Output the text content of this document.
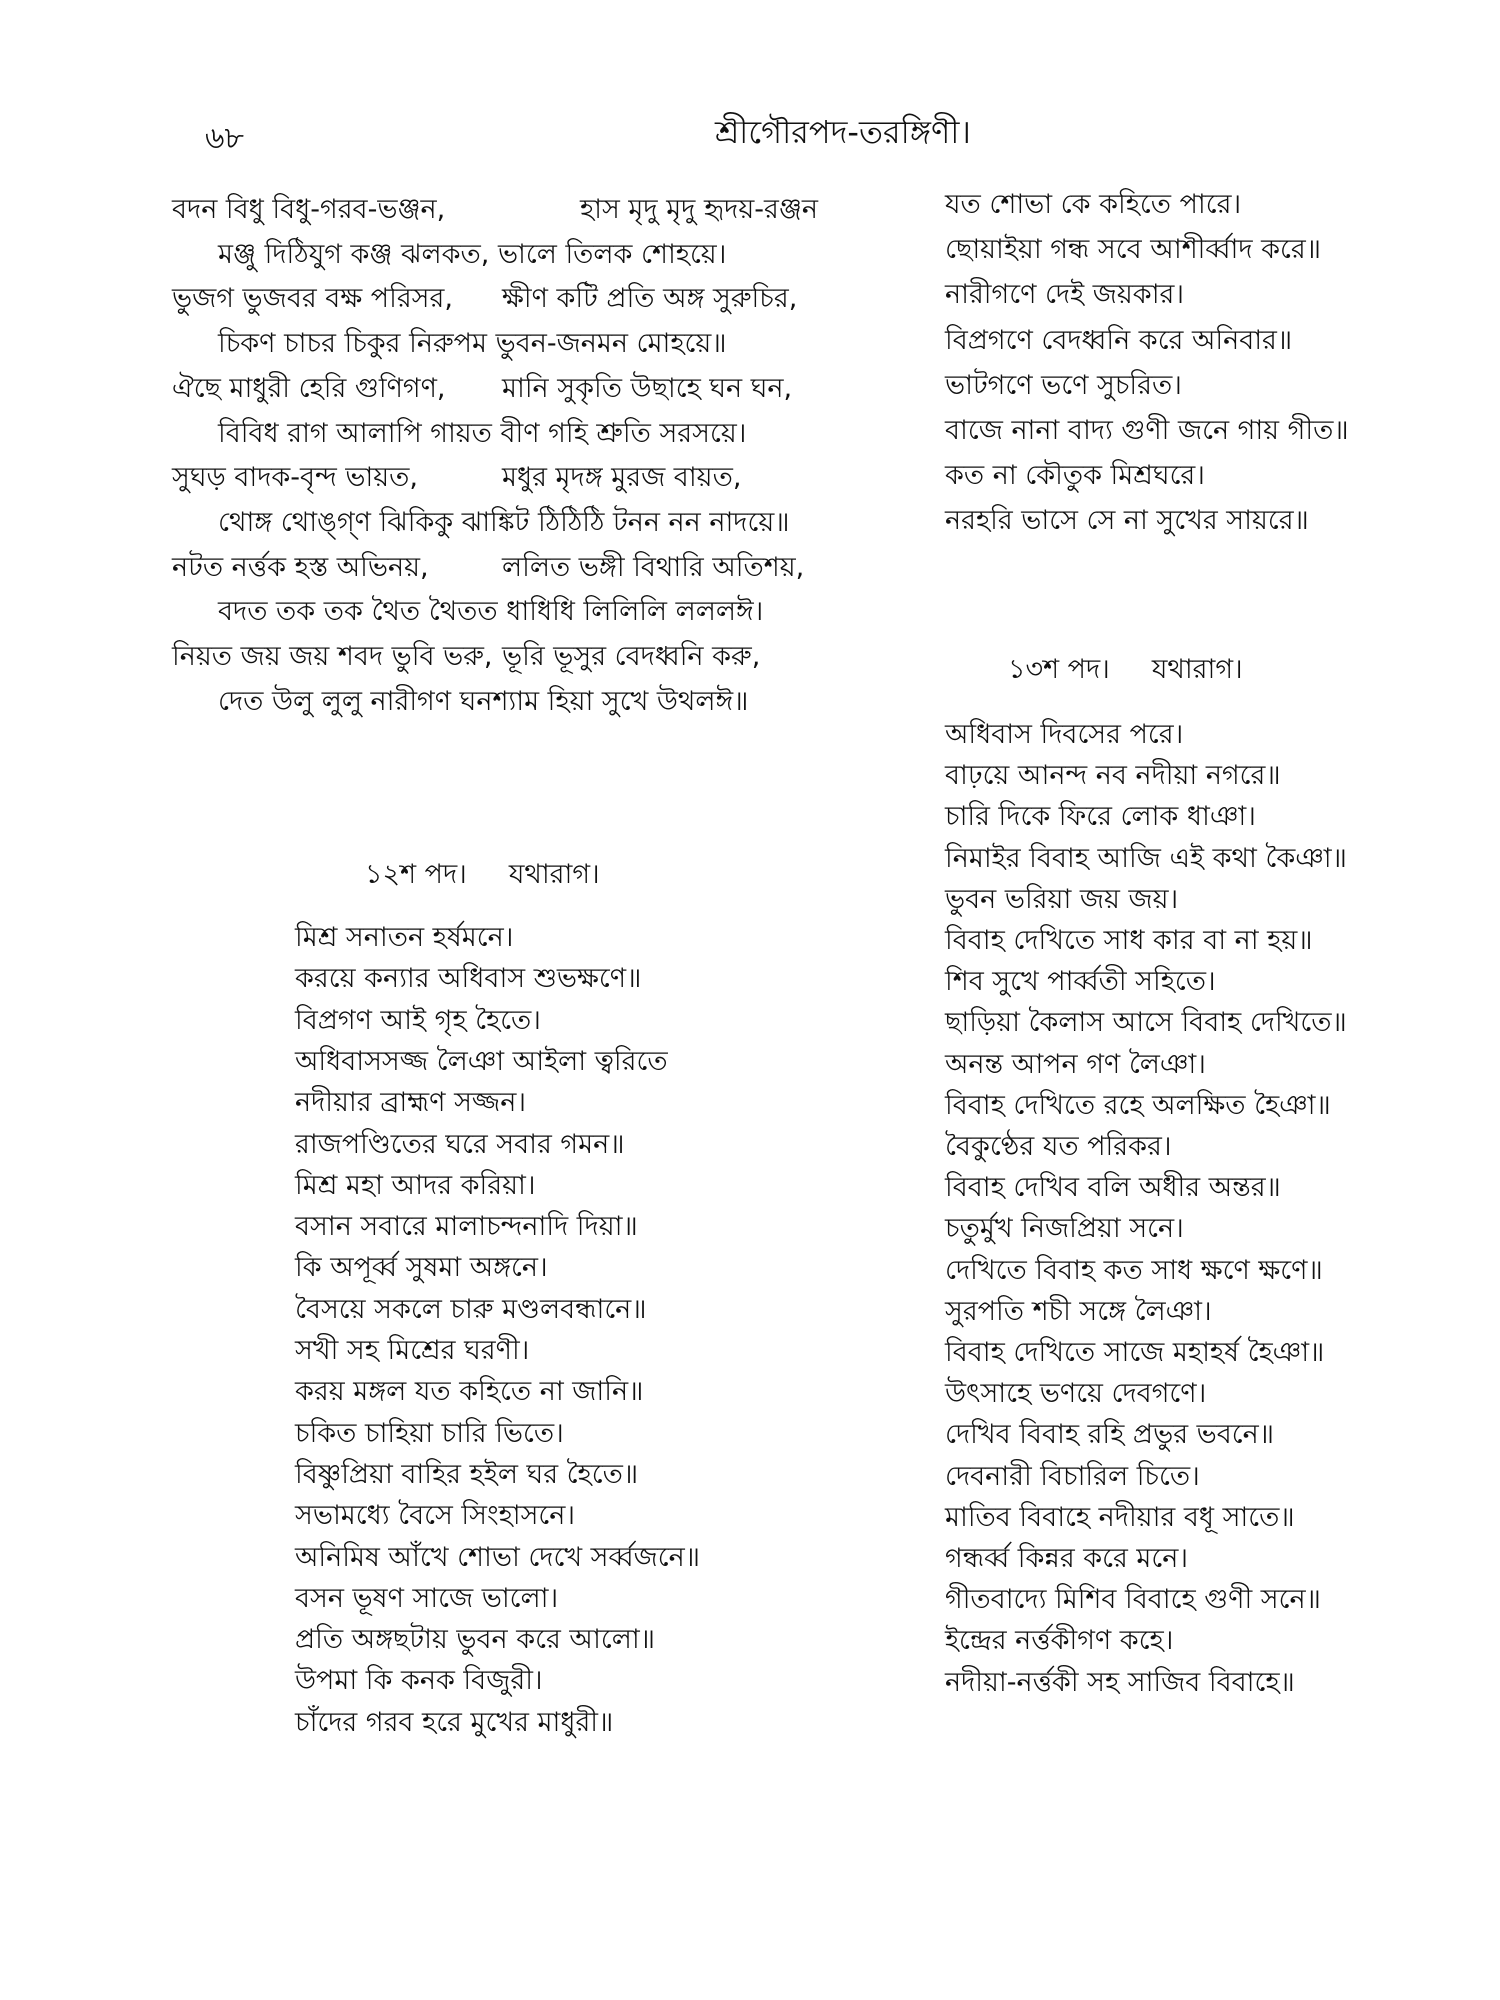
৬৮	শ্রীগৌরপদ-তরঙ্গিণী।
বদন বিধু বিধু-গরব-ভঞ্জন,	হাস মৃদু মৃদু হৃদয়-রঞ্জন
মঞ্জু দিঠিযুগ কঞ্জ ঝলকত, ভালে তিলক শোহয়ে।
ভুজগ ভুজবর বক্ষ পরিসর, ক্ষীণ কটি প্রতি অঙ্গ সুরুচির,
চিকণ চাচর চিকুর নিরুপম ভুবন-জনমন মোহয়ে॥
ঐছে মাধুরী হেরি গুণিগণ, মানি সুকৃতি উছাহে ঘন ঘন,
বিবিধ রাগ আলাপি গায়ত বীণ গহি শ্রুতি সরসয়ে।
সুঘড় বাদক-বৃন্দ ভায়ত,	মধুর মৃদঙ্গ মুরজ বায়ত,
থোঙ্গ থোঙ্গ্ণ ঝিকিকু ঝাঙ্কিট ঠিঠিঠি টনন নন নাদয়ে॥
নটত নর্ত্তক হস্ত অভিনয়,	ললিত ভঙ্গী বিথারি অতিশয়,
বদত তক তক থৈত থৈতত ধাধিধি লিলিলি লললঈ।
নিয়ত জয় জয় শবদ ভুবি ভরু, ভূরি ভূসুর বেদধ্বনি করু,
দেত উলু লুলু নারীগণ ঘনশ্যাম হিয়া সুখে উথলঈ॥
১২শ পদ। যথারাগ।
মিশ্র সনাতন হর্ষমনে।
করয়ে কন্যার অধিবাস শুভক্ষণে॥
বিপ্রগণ আই গৃহ হৈতে।
অধিবাসসজ্জ লৈঞা আইলা ত্বরিতে
নদীয়ার ব্রাহ্মণ সজ্জন।
রাজপণ্ডিতের ঘরে সবার গমন॥
মিশ্র মহা আদর করিয়া।
বসান সবারে মালাচন্দনাদি দিয়া॥
কি অপূর্ব্ব সুষমা অঙ্গনে।
বৈসয়ে সকলে চারু মণ্ডলবন্ধানে॥
সখী সহ মিশ্রের ঘরণী।
করয় মঙ্গল যত কহিতে না জানি॥
চকিত চাহিয়া চারি ভিতে।
বিষ্ণুপ্রিয়া বাহির হইল ঘর হৈতে॥
সভামধ্যে বৈসে সিংহাসনে।
অনিমিষ আঁখে শোভা দেখে সর্ব্বজনে॥
বসন ভূষণ সাজে ভালো।
প্রতি অঙ্গছটায় ভুবন করে আলো॥
উপমা কি কনক বিজুরী।
চাঁদের গরব হরে মুখের মাধুরী॥
যত শোভা কে কহিতে পারে।
ছোয়াইয়া গন্ধ সবে আশীর্ব্বাদ করে॥
নারীগণে দেই জয়কার।
বিপ্রগণে বেদধ্বনি করে অনিবার॥
ভাটগণে ভণে সুচরিত।
বাজে নানা বাদ্য গুণী জনে গায় গীত॥
কত না কৌতুক মিশ্রঘরে।
নরহরি ভাসে সে না সুখের সায়রে॥
১৩শ পদ। যথারাগ।
অধিবাস দিবসের পরে।
বাঢ়য়ে আনন্দ নব নদীয়া নগরে॥
চারি দিকে ফিরে লোক ধাঞা।
নিমাইর বিবাহ আজি এই কথা কৈঞা॥
ভুবন ভরিয়া জয় জয়।
বিবাহ দেখিতে সাধ কার বা না হয়॥
শিব সুখে পার্ব্বতী সহিতে।
ছাড়িয়া কৈলাস আসে বিবাহ দেখিতে॥
অনন্ত আপন গণ লৈঞা।
বিবাহ দেখিতে রহে অলক্ষিত হৈঞা॥
বৈকুণ্ঠের যত পরিকর।
বিবাহ দেখিব বলি অধীর অন্তর॥
চতুর্মুখ নিজপ্রিয়া সনে।
দেখিতে বিবাহ কত সাধ ক্ষণে ক্ষণে॥
সুরপতি শচী সঙ্গে লৈঞা।
বিবাহ দেখিতে সাজে মহাহর্ষ হৈঞা॥
উৎসাহে ভণয়ে দেবগণে।
দেখিব বিবাহ রহি প্রভুর ভবনে॥
দেবনারী বিচারিল চিতে।
মাতিব বিবাহে নদীয়ার বধূ সাতে॥
গন্ধর্ব্ব কিন্নর করে মনে।
গীতবাদ্যে মিশিব বিবাহে গুণী সনে॥
ইন্দ্রের নর্ত্তকীগণ কহে।
নদীয়া-নর্ত্তকী সহ সাজিব বিবাহে॥
